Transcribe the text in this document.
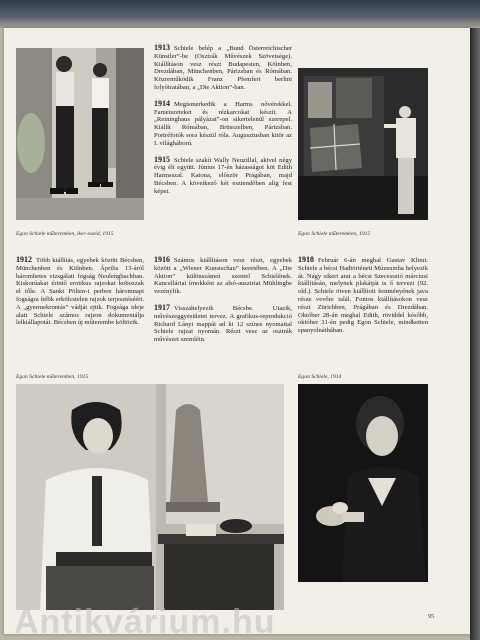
Egon Schiele műteremben, iker-eszéd, 1915	Egon Schiele műteremben, 1915

1913 Schiele belép a „Bund Österreichischer Künstler”-be (Osztrák Művészek Szövetsége). Kiállításon vesz részt Budapesten, Kölnben, Drezdában, Münchenben, Párizsban és Rómában. Közreműködik Franz Pfemfert berlini folyóiratában, a „Die Aktion”-ban.

1914 Megismerkedik a Harms nővérekkel. Fametszeteket és rézkarcokat készít. A „Reininghaus pályázat”-on sikertelenül szerepel. Kiállít Rómában, Brüsszelben, Párizsban. Portréfotók sora készül róla. Augusztusban kitör az I. világháború.

1915 Schiele szakít Wally Neuzillal, akivel négy évig élt együtt. Június 17-én házasságot köt Edith Harmsszal. Katona, először Prágában, majd Bécsben. A következő két esztendőben alig fest képet.

1912 Több kiállítás, egyebek között Bécsben, Münchenben és Kölnben. Április 13-áról háromhetes vizsgálati fogság Neulengbachban. Kiskorúakat érintő erotikus rajzokat kobozzak el tőle. A Sankt Pölten-i perben háromnapi fogságra ítélik erkölcstelen rajzok terjesztéséért. A „gyermekrontás” vádját ejtik. Fogsága ideje alatt Schiele számos rajzon dokumentálja lelkiállapotát. Bécsben új műterembe költözik.

1916 Számos kiállításon vesz részt, egyebek között a „Wiener Kunstschau” keretében. A „Die Aktion” különszámot szentel Schielének. Kancelláriai írnokként az alsó-ausztriai Mühlingbe vezénylik.

1917 Visszahelyezik Bécsbe. Utazik, művészeggyesületet tervez. A grafikus-reprodukció Richard Lányi mappát ad ki 12 színes nyomattal Schiele rajzai nyomán. Részt vesz az osztrák művészet szemléin.

1918 Február 6-án meghal Gustav Klimt. Schiele a bécsi Hadtörténeti Múzeumba helyezik át. Nagy sikert arat a bécsi Szecesszió márciusi kiállításán, melynek plakátját is ő tervezi (92. old.). Schiele ötven kiállított festményének java része vevőre talál. Fontos kiállításokon vesz részt Zürichben, Prágában és Drezdában. Október 28-án meghal Edith, röviddel később, október 31-én pedig Egon Schiele, mindketten spanyolnáthában.

Egon Schiele műteremben, 1915	Egon Schiele, 1914
95
Antikvárium.hu
